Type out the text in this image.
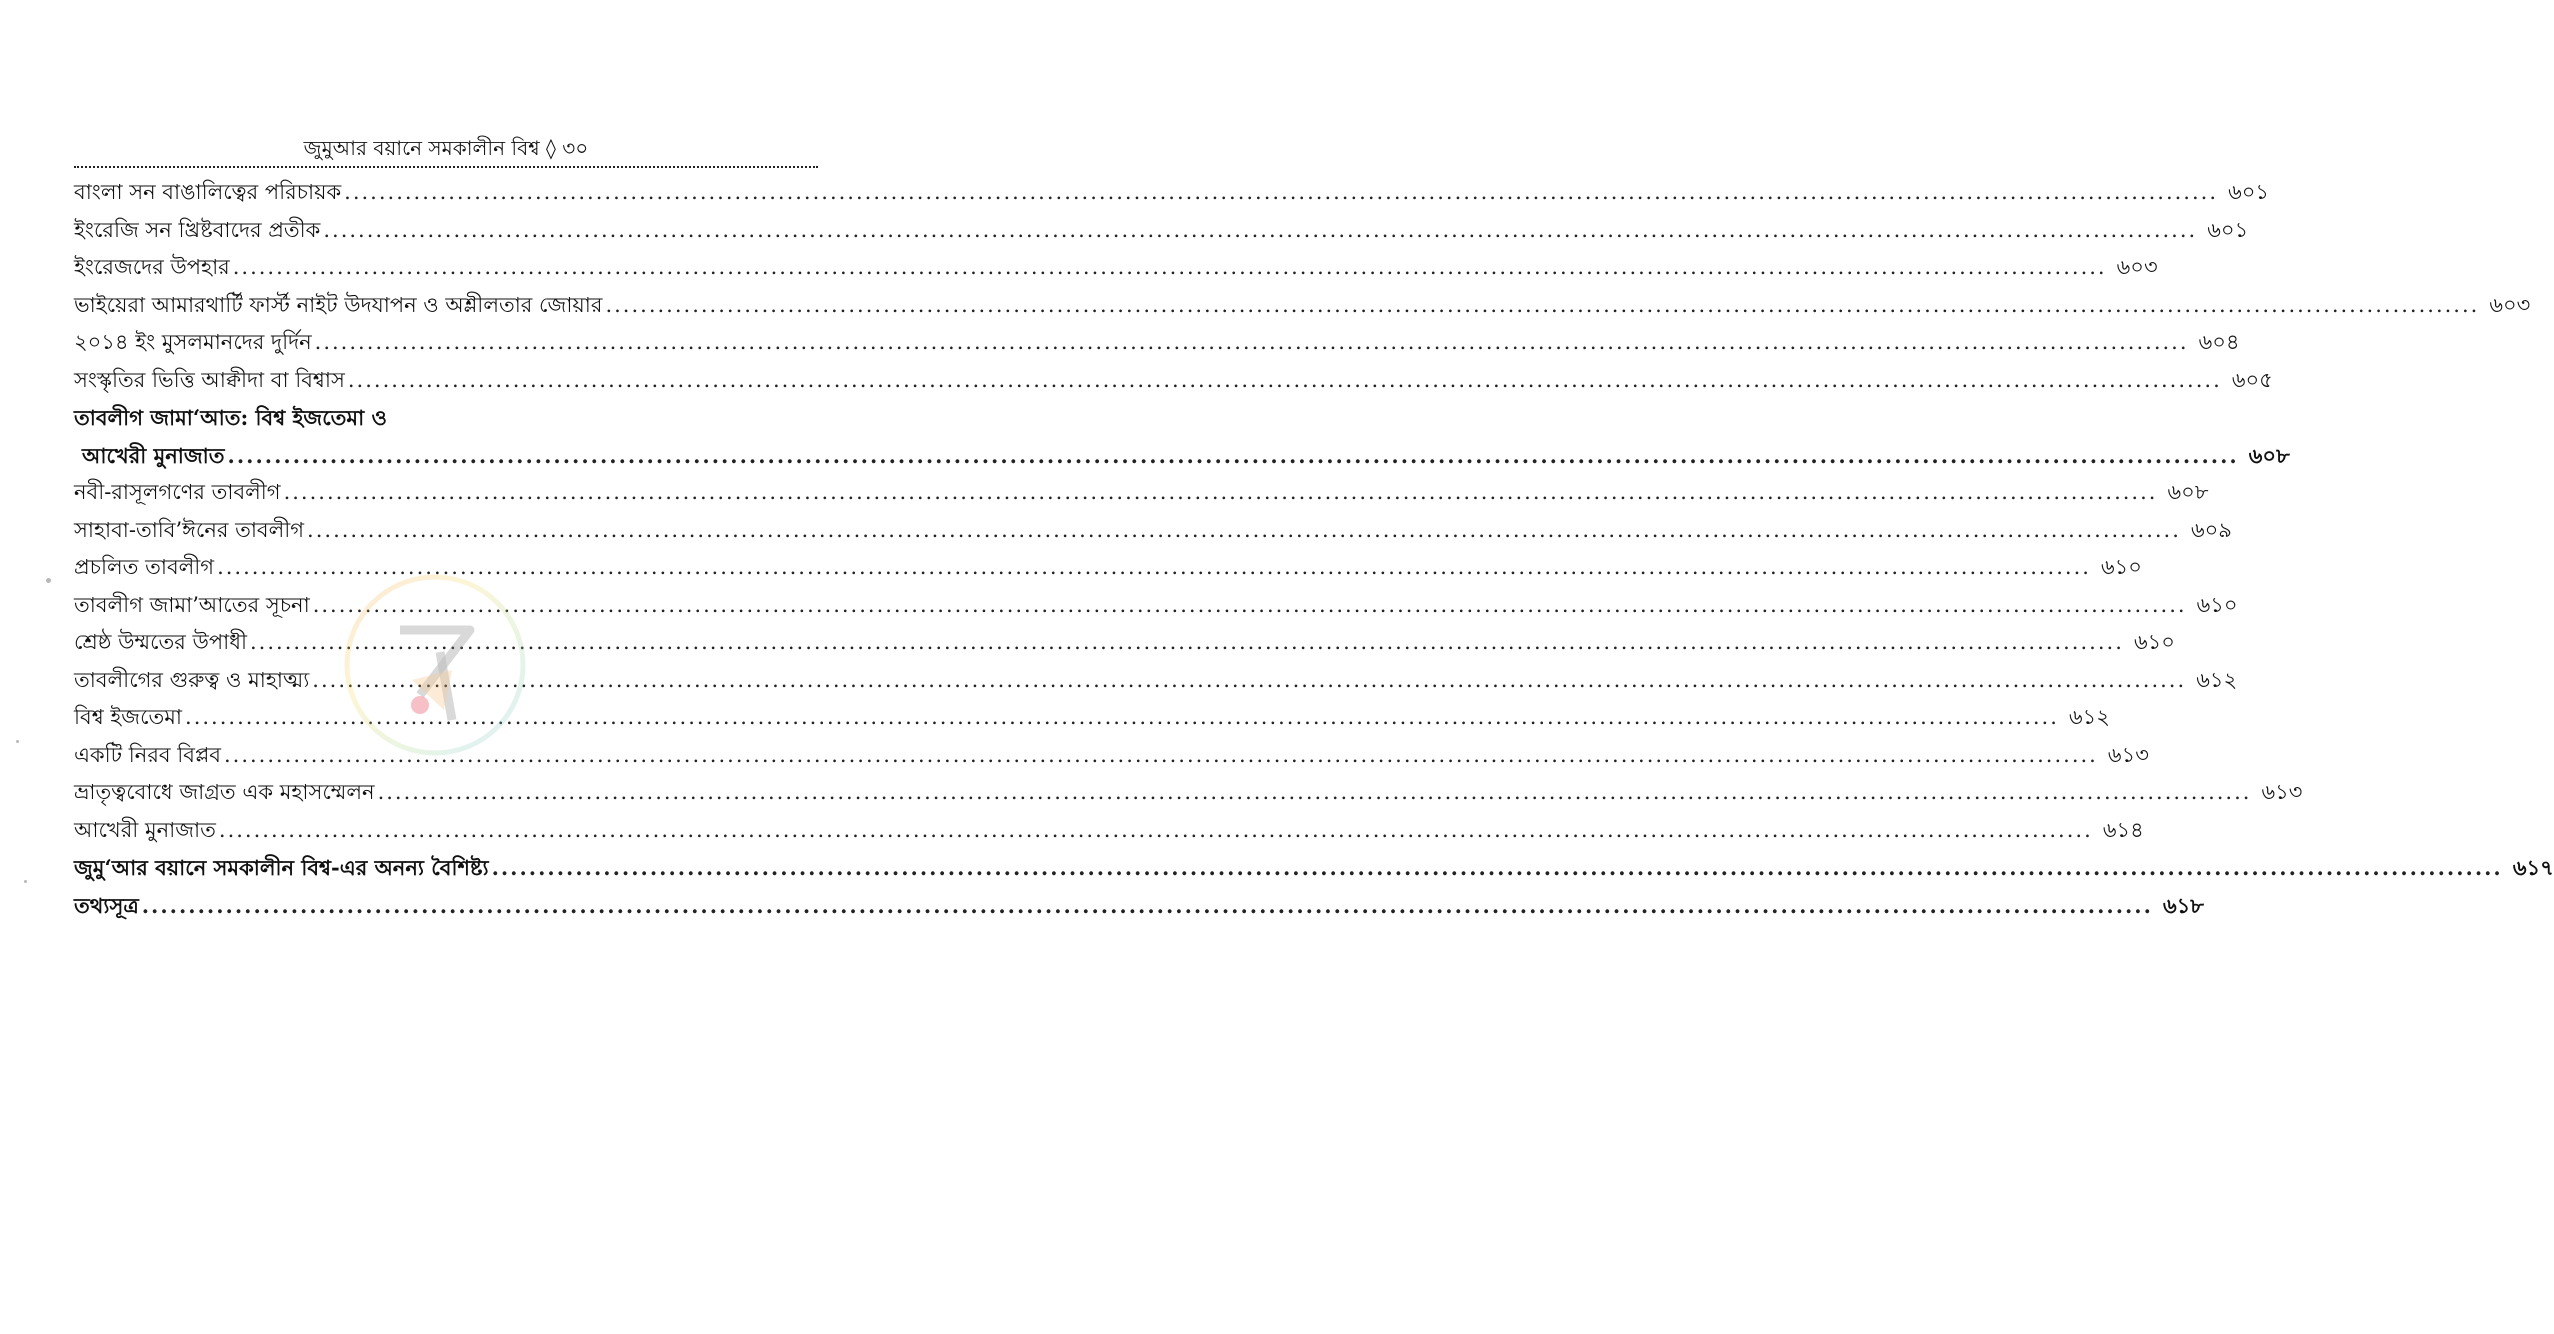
জুমুআর বয়ানে সমকালীন বিশ্ব ◊ ৩০
বাংলা সন বাঙালিত্বের পরিচায়ক .....	৬০১
ইংরেজি সন খ্রিষ্টবাদের প্রতীক .....	৬০১
ইংরেজদের উপহার .....	৬০৩
ভাইয়েরা আমারথার্টি ফার্স্ট নাইট উদযাপন ও অশ্লীলতার জোয়ার .....	৬০৩
২০১৪ ইং মুসলমানদের দুর্দিন .....	৬০৪
সংস্কৃতির ভিত্তি আক্বীদা বা বিশ্বাস .....	৬০৫
তাবলীগ জামা‘আত: বিশ্ব ইজতেমা ও
আখেরী মুনাজাত .....	৬০৮
নবী-রাসূলগণের তাবলীগ .....	৬০৮
সাহাবা-তাবি’ঈনের তাবলীগ .....	৬০৯
প্রচলিত তাবলীগ .....	৬১০
তাবলীগ জামা’আতের সূচনা .....	৬১০
শ্রেষ্ঠ উম্মতের উপাধী .....	৬১০
তাবলীগের গুরুত্ব ও মাহাত্ম্য .....	৬১২
বিশ্ব ইজতেমা .....	৬১২
একটি নিরব বিপ্লব .....	৬১৩
ভ্রাতৃত্ববোধে জাগ্রত এক মহাসম্মেলন .....	৬১৩
আখেরী মুনাজাত .....	৬১৪
জুমু‘আর বয়ানে সমকালীন বিশ্ব-এর অনন্য বৈশিষ্ট্য .....	৬১৭
তথ্যসূত্র .....	৬১৮
